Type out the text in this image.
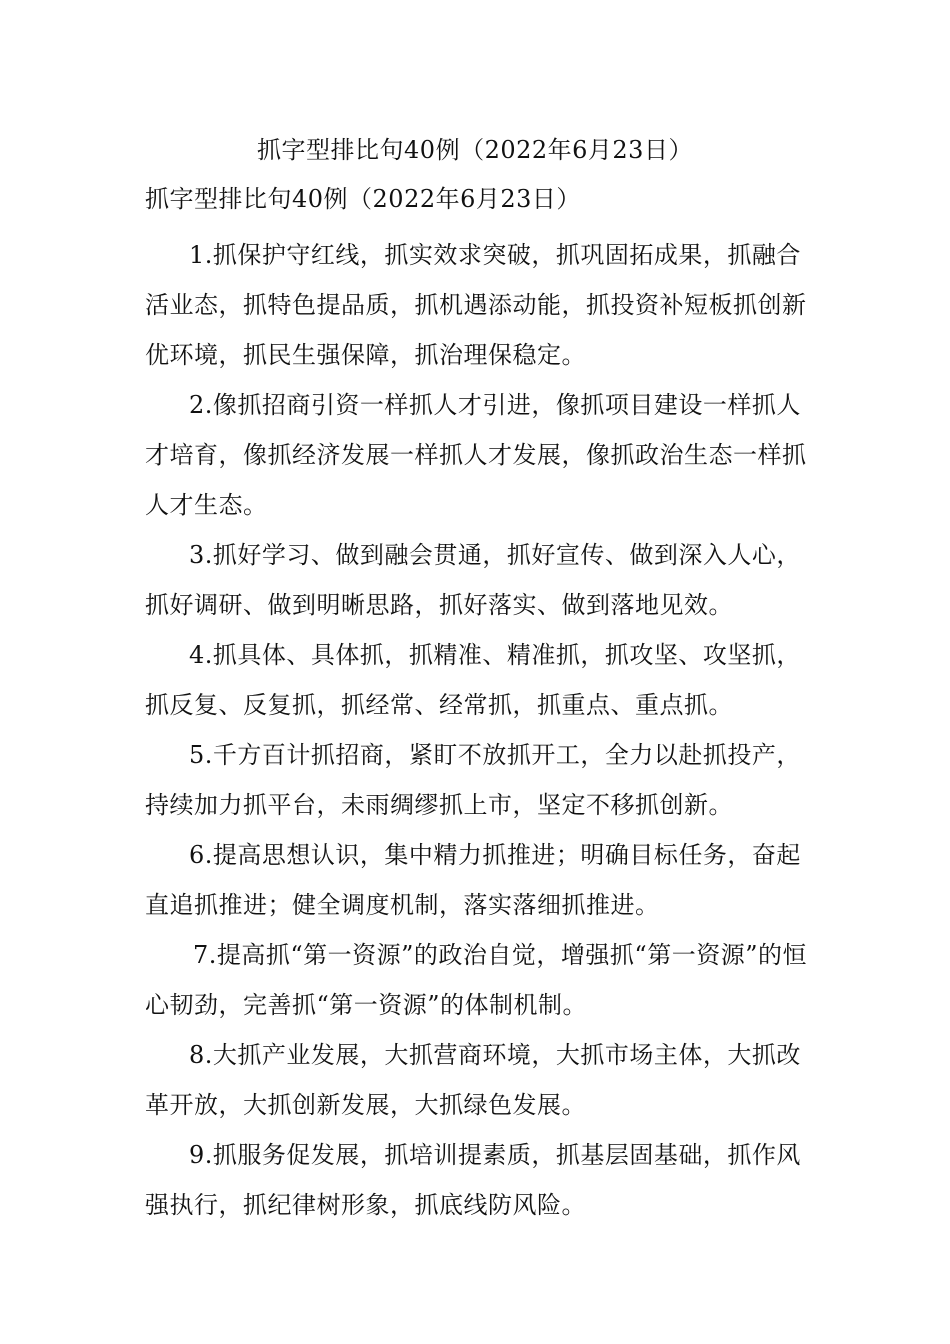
抓字型排比句40例（2022年6月23日）

抓字型排比句40例（2022年6月23日）

1.抓保护守红线，抓实效求突破，抓巩固拓成果，抓融合活业态，抓特色提品质，抓机遇添动能，抓投资补短板抓创新优环境，抓民生强保障，抓治理保稳定。

2.像抓招商引资一样抓人才引进，像抓项目建设一样抓人才培育，像抓经济发展一样抓人才发展，像抓政治生态一样抓人才生态。

3.抓好学习、做到融会贯通，抓好宣传、做到深入人心，抓好调研、做到明晰思路，抓好落实、做到落地见效。

4.抓具体、具体抓，抓精准、精准抓，抓攻坚、攻坚抓，抓反复、反复抓，抓经常、经常抓，抓重点、重点抓。

5.千方百计抓招商，紧盯不放抓开工，全力以赴抓投产，持续加力抓平台，未雨绸缪抓上市，坚定不移抓创新。

6.提高思想认识，集中精力抓推进；明确目标任务，奋起直追抓推进；健全调度机制，落实落细抓推进。

7.提高抓“第一资源”的政治自觉，增强抓“第一资源”的恒心韧劲，完善抓“第一资源”的体制机制。

8.大抓产业发展，大抓营商环境，大抓市场主体，大抓改革开放，大抓创新发展，大抓绿色发展。

9.抓服务促发展，抓培训提素质，抓基层固基础，抓作风强执行，抓纪律树形象，抓底线防风险。
